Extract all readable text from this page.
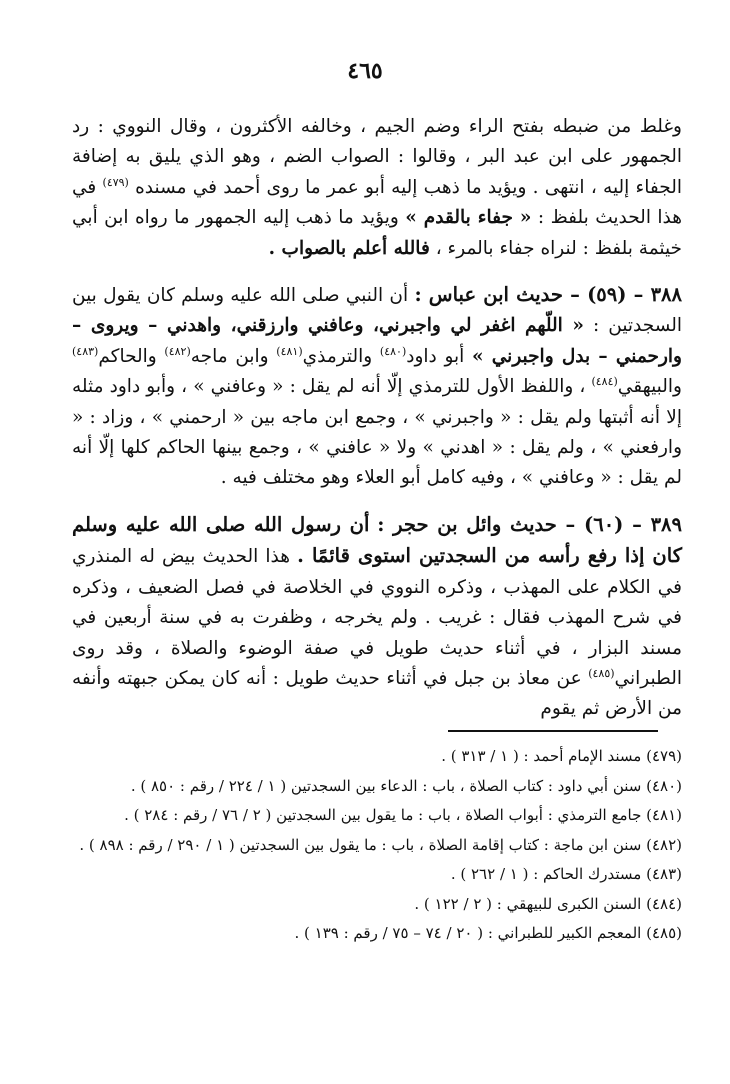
٤٦٥

وغلط من ضبطه بفتح الراء وضم الجيم ، وخالفه الأكثرون ، وقال النووي : رد الجمهور على ابن عبد البر ، وقالوا : الصواب الضم ، وهو الذي يليق به إضافة الجفاء إليه ، انتهى . ويؤيد ما ذهب إليه أبو عمر ما روى أحمد في مسنده $^{(٤٧٩)}$ في هذا الحديث بلفظ : « جفاء بالقدم » ويؤيد ما ذهب إليه الجمهور ما رواه ابن أبي خيثمة بلفظ : لنراه جفاء بالمرء ، فالله أعلم بالصواب .

٣٨٨ – (٥٩) – حديث ابن عباس : أن النبي صلى الله عليه وسلم كان يقول بين السجدتين : « اللّهم اغفر لي واجبرني، وعافني وارزقني، واهدني – ويروى –وارحمني – بدل واجبرني » أبو داود$^{(٤٨٠)}$ والترمذي$^{(٤٨١)}$ وابن ماجه$^{(٤٨٢)}$ والحاكم$^{(٤٨٣)}$ والبيهقي$^{(٤٨٤)}$ ، واللفظ الأول للترمذي إلّا أنه لم يقل : « وعافني » ، وأبو داود مثله إلا أنه أثبتها ولم يقل : « واجبرني » ، وجمع ابن ماجه بين « ارحمني » ، وزاد : « وارفعني » ، ولم يقل : « اهدني » ولا « عافني » ، وجمع بينها الحاكم كلها إلّا أنه لم يقل : « وعافني » ، وفيه كامل أبو العلاء وهو مختلف فيه .

٣٨٩ – (٦٠) – حديث وائل بن حجر : أن رسول الله صلى الله عليه وسلم كان إذا رفع رأسه من السجدتين استوى قائمًا . هذا الحديث بيض له المنذري في الكلام على المهذب ، وذكره النووي في الخلاصة في فصل الضعيف ، وذكره في شرح المهذب فقال : غريب . ولم يخرجه ، وظفرت به في سنة أربعين في مسند البزار ، في أثناء حديث طويل في صفة الوضوء والصلاة ، وقد روى الطبراني$^{(٤٨٥)}$ عن معاذ بن جبل في أثناء حديث طويل : أنه كان يمكن جبهته وأنفه من الأرض ثم يقوم

(٤٧٩) مسند الإمام أحمد : ( ١ / ٣١٣ ) .

(٤٨٠) سنن أبي داود : كتاب الصلاة ، باب : الدعاء بين السجدتين ( ١ / ٢٢٤ / رقم : ٨٥٠ ) .

(٤٨١) جامع الترمذي : أبواب الصلاة ، باب : ما يقول بين السجدتين ( ٢ / ٧٦ / رقم : ٢٨٤ ) .

(٤٨٢) سنن ابن ماجة : كتاب إقامة الصلاة ، باب : ما يقول بين السجدتين ( ١ / ٢٩٠ / رقم : ٨٩٨ ) .

(٤٨٣) مستدرك الحاكم : ( ١ / ٢٦٢ ) .

(٤٨٤) السنن الكبرى للبيهقي : ( ٢ / ١٢٢ ) .

(٤٨٥) المعجم الكبير للطبراني : ( ٢٠ / ٧٤ – ٧٥ / رقم : ١٣٩ ) .
